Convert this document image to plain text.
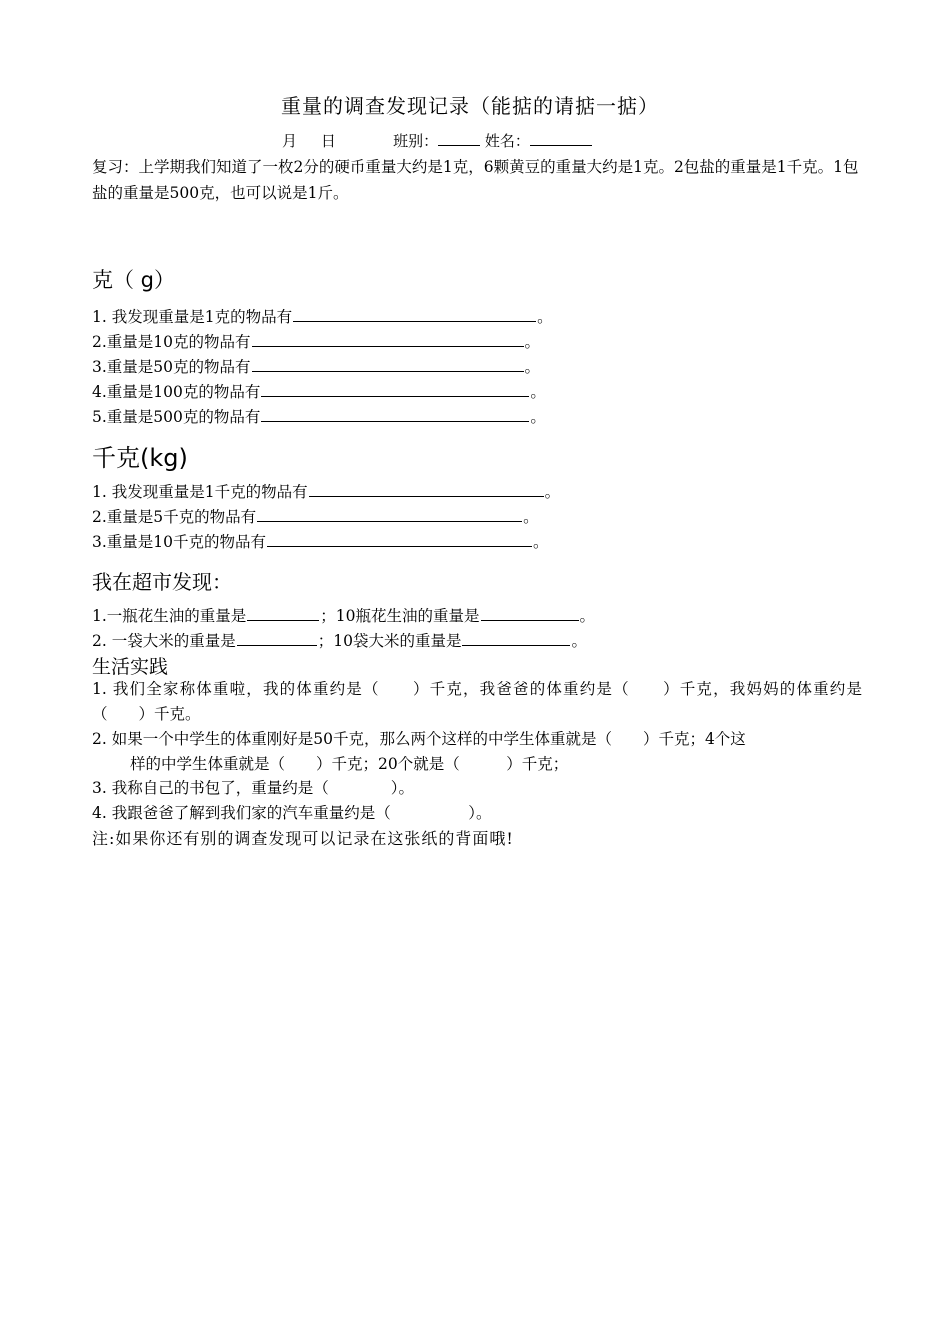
重量的调查发现记录（能掂的请掂一掂）
月 日	班别：	姓名：
复习：上学期我们知道了一枚2分的硬币重量大约是1克，6颗黄豆的重量大约是1克。2包盐的重量是1千克。1包盐的重量是500克，也可以说是1斤。
克（ g）
1. 我发现重量是1克的物品有	。
2.重量是10克的物品有	。
3.重量是50克的物品有	。
4.重量是100克的物品有	。
5.重量是500克的物品有	。
千克(kg)
1. 我发现重量是1千克的物品有	。
2.重量是5千克的物品有	。
3.重量是10千克的物品有	。
我在超市发现：
1.一瓶花生油的重量是	；10瓶花生油的重量是	。
2. 一袋大米的重量是	；10袋大米的重量是	。
生活实践
1. 我们全家称体重啦，我的体重约是（　　）千克，我爸爸的体重约是（　　）千克，我妈妈的体重约是（　　）千克。
2. 如果一个中学生的体重刚好是50千克，那么两个这样的中学生体重就是（　　）千克；4个这
样的中学生体重就是（　　）千克；20个就是（　　　）千克；
3. 我称自己的书包了，重量约是（　　　　）。
4. 我跟爸爸了解到我们家的汽车重量约是（　　　　　）。
注:如果你还有别的调查发现可以记录在这张纸的背面哦!
